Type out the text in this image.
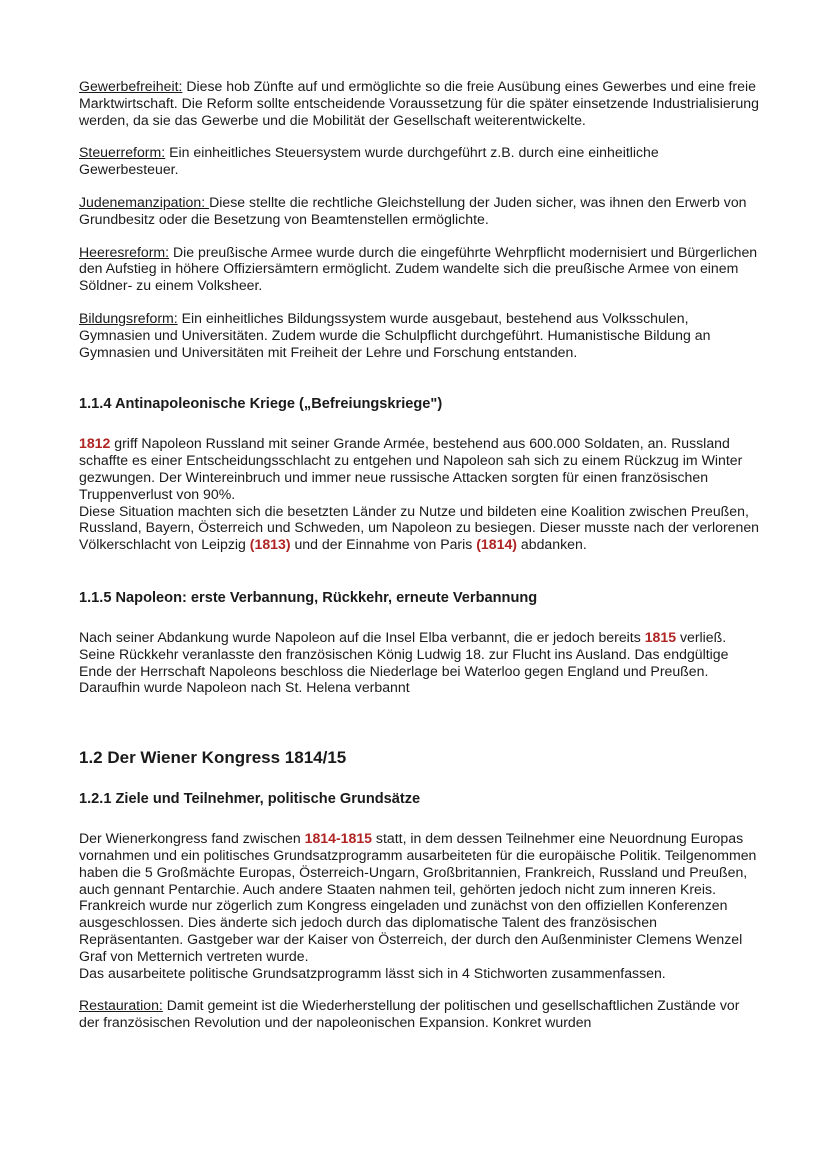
Gewerbefreiheit: Diese hob Zünfte auf und ermöglichte so die freie Ausübung eines Gewerbes und eine freie Marktwirtschaft. Die Reform sollte entscheidende Voraussetzung für die später einsetzende Industrialisierung werden, da sie das Gewerbe und die Mobilität der Gesellschaft weiterentwickelte.

Steuerreform: Ein einheitliches Steuersystem wurde durchgeführt z.B. durch eine einheitliche Gewerbesteuer.

Judenemanzipation: Diese stellte die rechtliche Gleichstellung der Juden sicher, was ihnen den Erwerb von Grundbesitz oder die Besetzung von Beamtenstellen ermöglichte.

Heeresreform: Die preußische Armee wurde durch die eingeführte Wehrpflicht modernisiert und Bürgerlichen den Aufstieg in höhere Offiziersämtern ermöglicht. Zudem wandelte sich die preußische Armee von einem Söldner- zu einem Volksheer.

Bildungsreform: Ein einheitliches Bildungssystem wurde ausgebaut, bestehend aus Volksschulen, Gymnasien und Universitäten. Zudem wurde die Schulpflicht durchgeführt. Humanistische Bildung an Gymnasien und Universitäten mit Freiheit der Lehre und Forschung entstanden.

1.1.4 Antinapoleonische Kriege („Befreiungskriege")

1812 griff Napoleon Russland mit seiner Grande Armée, bestehend aus 600.000 Soldaten, an. Russland schaffte es einer Entscheidungsschlacht zu entgehen und Napoleon sah sich zu einem Rückzug im Winter gezwungen. Der Wintereinbruch und immer neue russische Attacken sorgten für einen französischen Truppenverlust von 90%.

Diese Situation machten sich die besetzten Länder zu Nutze und bildeten eine Koalition zwischen Preußen, Russland, Bayern, Österreich und Schweden, um Napoleon zu besiegen. Dieser musste nach der verlorenen Völkerschlacht von Leipzig (1813) und der Einnahme von Paris (1814) abdanken.

1.1.5 Napoleon: erste Verbannung, Rückkehr, erneute Verbannung

Nach seiner Abdankung wurde Napoleon auf die Insel Elba verbannt, die er jedoch bereits 1815 verließ. Seine Rückkehr veranlasste den französischen König Ludwig 18. zur Flucht ins Ausland. Das endgültige Ende der Herrschaft Napoleons beschloss die Niederlage bei Waterloo gegen England und Preußen. Daraufhin wurde Napoleon nach St. Helena verbannt

1.2 Der Wiener Kongress 1814/15
1.2.1 Ziele und Teilnehmer, politische Grundsätze

Der Wienerkongress fand zwischen 1814-1815 statt, in dem dessen Teilnehmer eine Neuordnung Europas vornahmen und ein politisches Grundsatzprogramm ausarbeiteten für die europäische Politik. Teilgenommen haben die 5 Großmächte Europas, Österreich-Ungarn, Großbritannien, Frankreich, Russland und Preußen, auch gennant Pentarchie. Auch andere Staaten nahmen teil, gehörten jedoch nicht zum inneren Kreis. Frankreich wurde nur zögerlich zum Kongress eingeladen und zunächst von den offiziellen Konferenzen ausgeschlossen. Dies änderte sich jedoch durch das diplomatische Talent des französischen Repräsentanten. Gastgeber war der Kaiser von Österreich, der durch den Außenminister Clemens Wenzel Graf von Metternich vertreten wurde.

Das ausarbeitete politische Grundsatzprogramm lässt sich in 4 Stichworten zusammenfassen.

Restauration: Damit gemeint ist die Wiederherstellung der politischen und gesellschaftlichen Zustände vor der französischen Revolution und der napoleonischen Expansion. Konkret wurden
